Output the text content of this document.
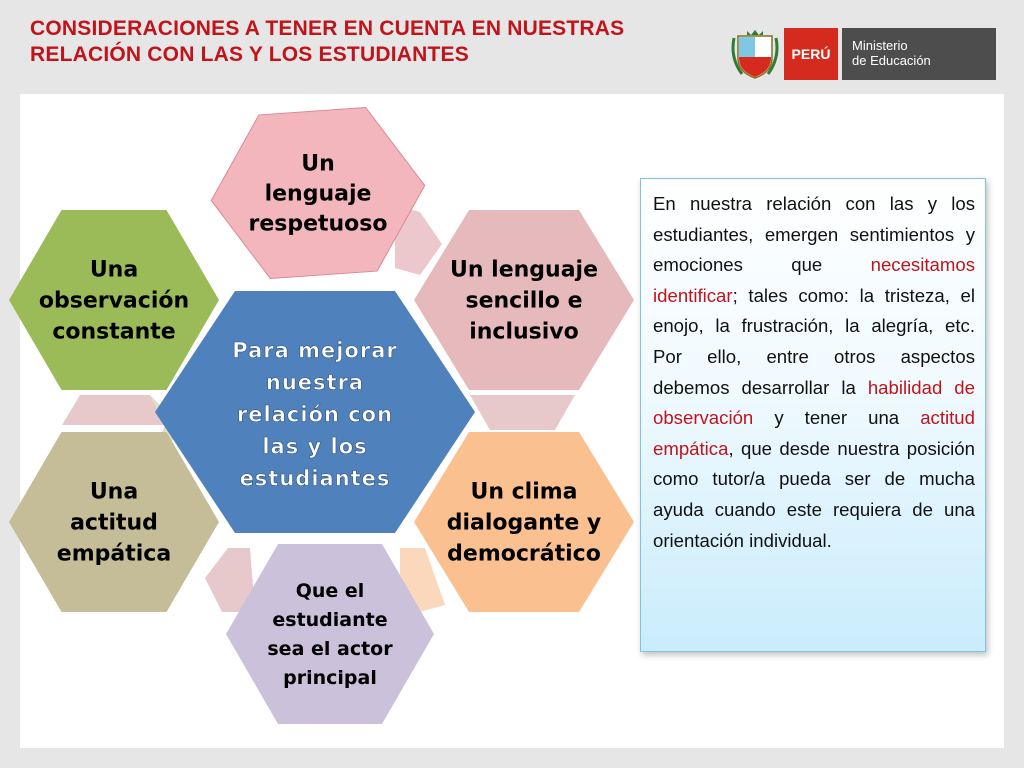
CONSIDERACIONES A TENER EN CUENTA EN NUESTRAS RELACIÓN CON LAS Y LOS ESTUDIANTES	PERÚ
Ministerio
de Educación
Un lenguaje respetuoso
Un lenguaje sencillo e inclusivo
Un clima dialogante y democrático
Que el estudiante sea el actor principal
Una actitud empática
Una observación constante
Para mejorar nuestra relación con las y los estudiantes
En nuestra relación con las y los estudiantes, emergen sentimientos y emociones que necesitamos identificar; tales como: la tristeza, el enojo, la frustración, la alegría, etc. Por ello, entre otros aspectos debemos desarrollar la habilidad de observación y tener una actitud empática, que desde nuestra posición como tutor/a pueda ser de mucha ayuda cuando este requiera de una orientación individual.
